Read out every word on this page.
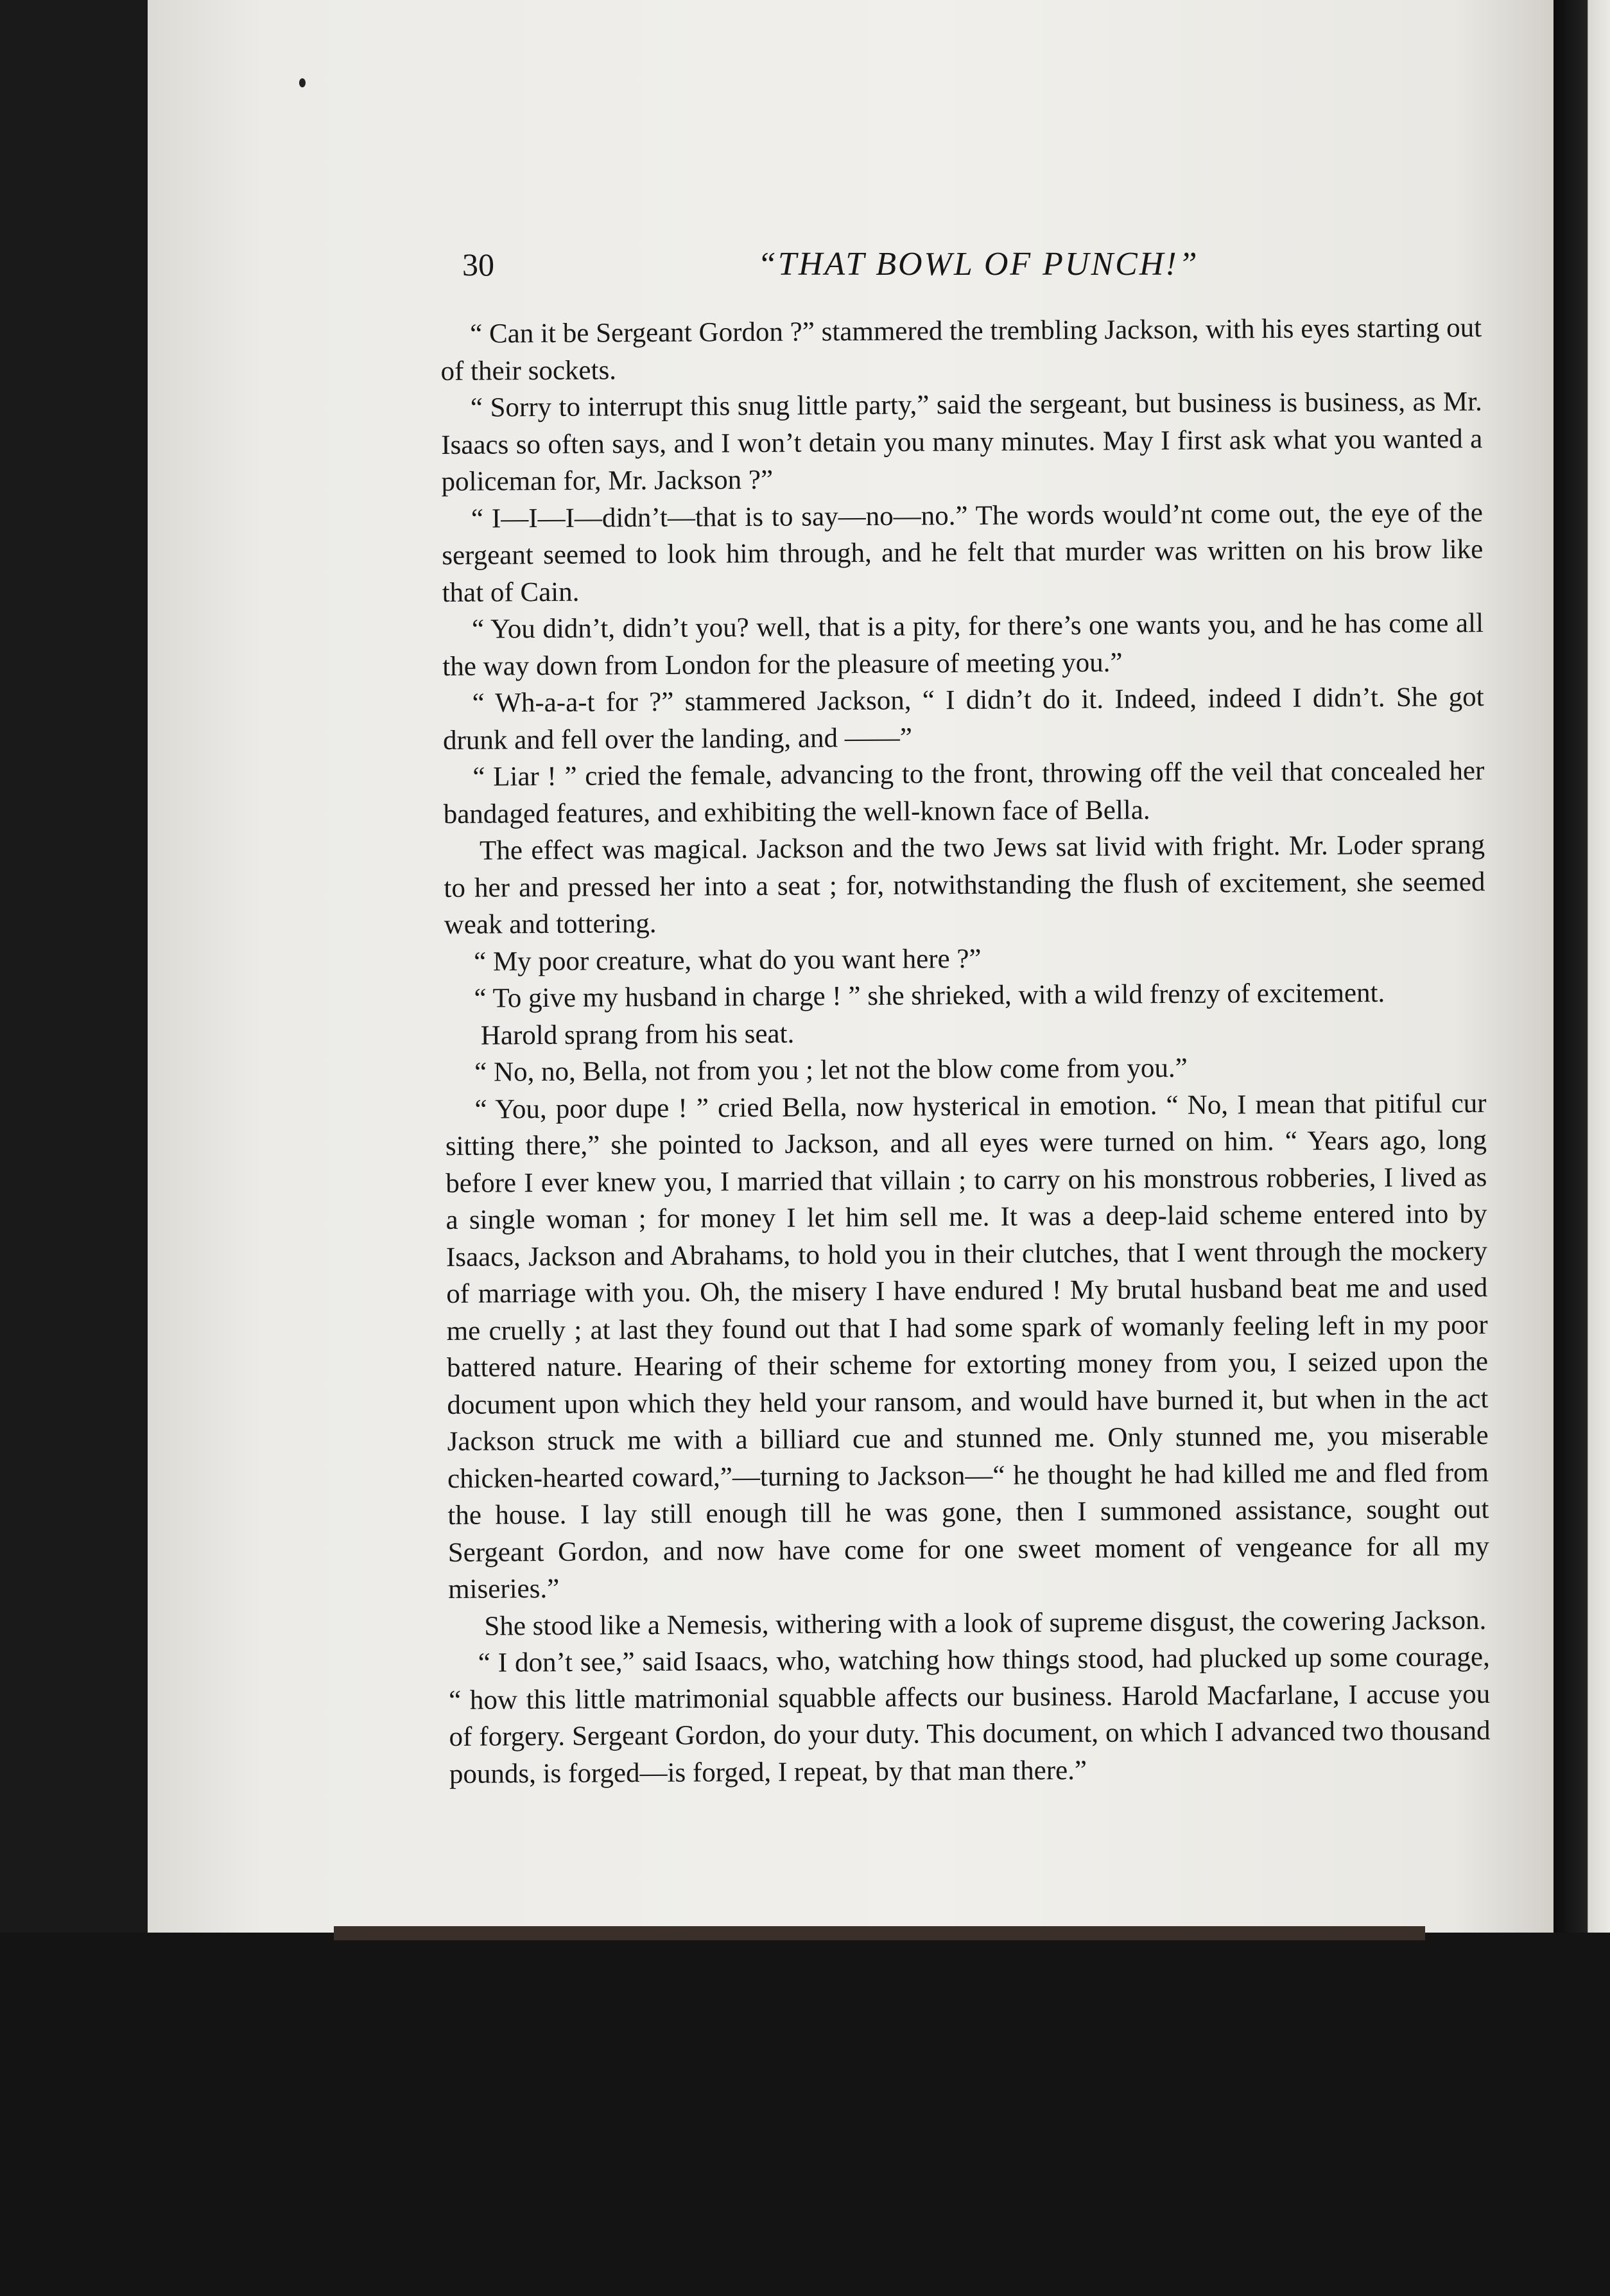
30	“THAT BOWL OF PUNCH!”

“ Can it be Sergeant Gordon ?” stammered the trembling Jackson, with his eyes starting out of their sockets.

“ Sorry to interrupt this snug little party,” said the sergeant, but business is business, as Mr. Isaacs so often says, and I won’t detain you many minutes. May I first ask what you wanted a policeman for, Mr. Jackson ?”

“ I—I—I—didn’t—that is to say—no—no.” The words would’nt come out, the eye of the sergeant seemed to look him through, and he felt that murder was written on his brow like that of Cain.

“ You didn’t, didn’t you? well, that is a pity, for there’s one wants you, and he has come all the way down from London for the pleasure of meeting you.”

“ Wh-a-a-t for ?” stammered Jackson, “ I didn’t do it. Indeed, indeed I didn’t. She got drunk and fell over the landing, and ——”

“ Liar ! ” cried the female, advancing to the front, throwing off the veil that concealed her bandaged features, and exhibiting the well-known face of Bella.

The effect was magical. Jackson and the two Jews sat livid with fright. Mr. Loder sprang to her and pressed her into a seat ; for, notwithstanding the flush of excitement, she seemed weak and tottering.

“ My poor creature, what do you want here ?”

“ To give my husband in charge ! ” she shrieked, with a wild frenzy of excitement.

Harold sprang from his seat.

“ No, no, Bella, not from you ; let not the blow come from you.”

“ You, poor dupe ! ” cried Bella, now hysterical in emotion. “ No, I mean that pitiful cur sitting there,” she pointed to Jackson, and all eyes were turned on him. “ Years ago, long before I ever knew you, I married that villain ; to carry on his monstrous robberies, I lived as a single woman ; for money I let him sell me. It was a deep-laid scheme entered into by Isaacs, Jackson and Abrahams, to hold you in their clutches, that I went through the mockery of marriage with you. Oh, the misery I have endured ! My brutal husband beat me and used me cruelly ; at last they found out that I had some spark of womanly feeling left in my poor battered nature. Hearing of their scheme for extorting money from you, I seized upon the document upon which they held your ransom, and would have burned it, but when in the act Jackson struck me with a billiard cue and stunned me. Only stunned me, you miserable chicken-hearted coward,”—turning to Jackson—“ he thought he had killed me and fled from the house. I lay still enough till he was gone, then I summoned assistance, sought out Sergeant Gordon, and now have come for one sweet moment of vengeance for all my miseries.”

She stood like a Nemesis, withering with a look of supreme disgust, the cowering Jackson.

“ I don’t see,” said Isaacs, who, watching how things stood, had plucked up some courage, “ how this little matrimonial squabble affects our business. Harold Macfarlane, I accuse you of forgery. Sergeant Gordon, do your duty. This document, on which I advanced two thousand pounds, is forged—is forged, I repeat, by that man there.”
